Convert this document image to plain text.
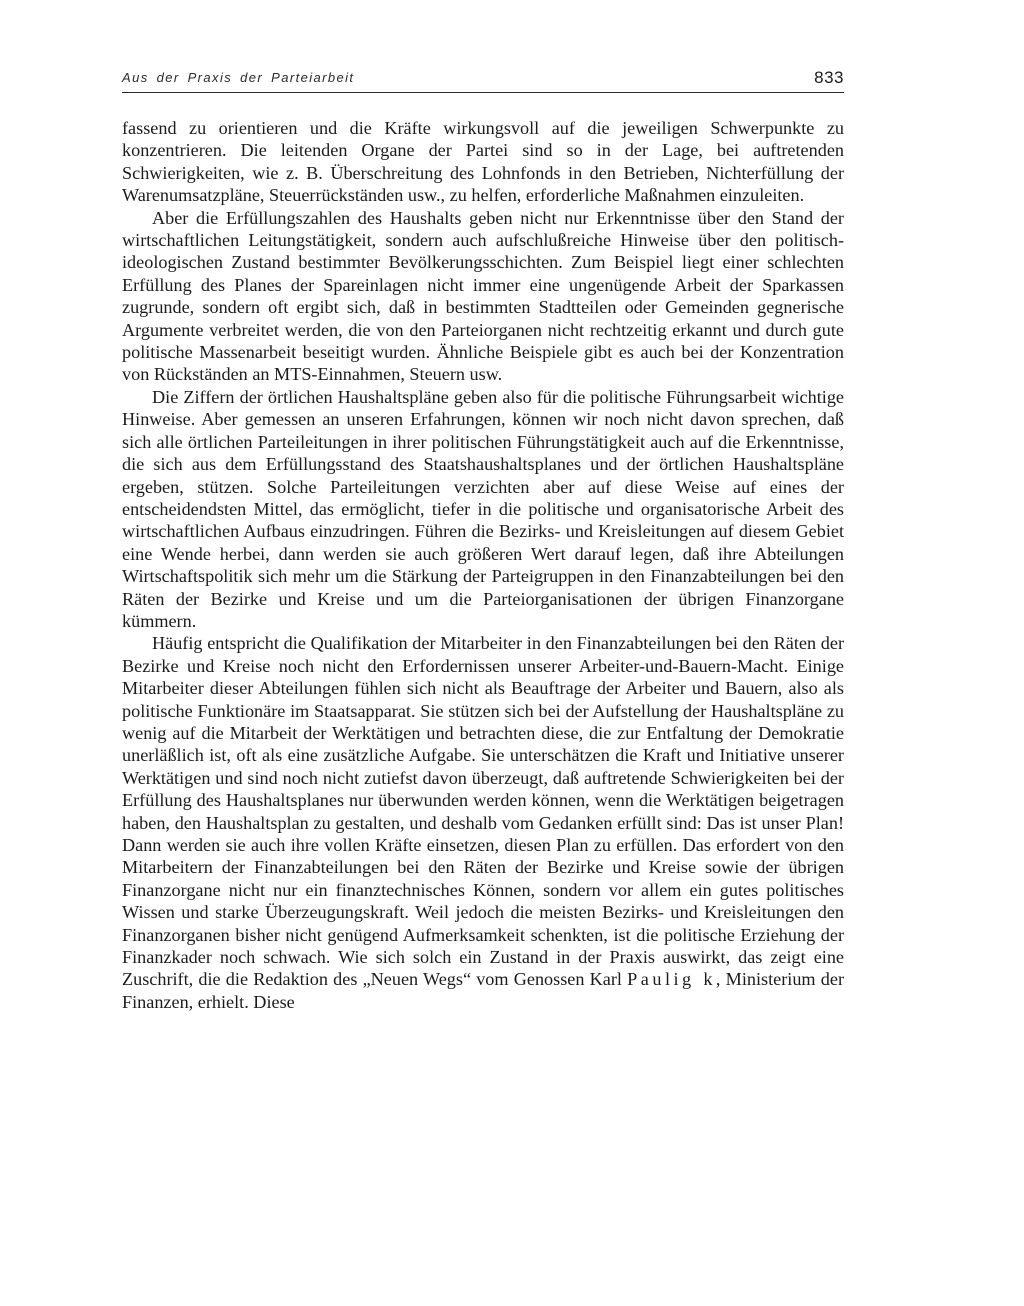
Aus der Praxis der Parteiarbeit	833

fassend zu orientieren und die Kräfte wirkungsvoll auf die jeweiligen Schwerpunkte zu konzentrieren. Die leitenden Organe der Partei sind so in der Lage, bei auftretenden Schwierigkeiten, wie z. B. Überschreitung des Lohnfonds in den Betrieben, Nichterfüllung der Warenumsatzpläne, Steuerrückständen usw., zu helfen, erforderliche Maßnahmen einzuleiten.

Aber die Erfüllungszahlen des Haushalts geben nicht nur Erkenntnisse über den Stand der wirtschaftlichen Leitungstätigkeit, sondern auch aufschlußreiche Hinweise über den politisch-ideologischen Zustand bestimmter Bevölkerungsschichten. Zum Beispiel liegt einer schlechten Erfüllung des Planes der Spareinlagen nicht immer eine ungenügende Arbeit der Sparkassen zugrunde, sondern oft ergibt sich, daß in bestimmten Stadtteilen oder Gemeinden gegnerische Argumente verbreitet werden, die von den Parteiorganen nicht rechtzeitig erkannt und durch gute politische Massenarbeit beseitigt wurden. Ähnliche Beispiele gibt es auch bei der Konzentration von Rückständen an MTS-Einnahmen, Steuern usw.

Die Ziffern der örtlichen Haushaltspläne geben also für die politische Führungsarbeit wichtige Hinweise. Aber gemessen an unseren Erfahrungen, können wir noch nicht davon sprechen, daß sich alle örtlichen Parteileitungen in ihrer politischen Führungstätigkeit auch auf die Erkenntnisse, die sich aus dem Erfüllungsstand des Staatshaushaltsplanes und der örtlichen Haushaltspläne ergeben, stützen. Solche Parteileitungen verzichten aber auf diese Weise auf eines der entscheidendsten Mittel, das ermöglicht, tiefer in die politische und organisatorische Arbeit des wirtschaftlichen Aufbaus einzudringen. Führen die Bezirks- und Kreisleitungen auf diesem Gebiet eine Wende herbei, dann werden sie auch größeren Wert darauf legen, daß ihre Abteilungen Wirtschaftspolitik sich mehr um die Stärkung der Parteigruppen in den Finanzabteilungen bei den Räten der Bezirke und Kreise und um die Parteiorganisationen der übrigen Finanzorgane kümmern.

Häufig entspricht die Qualifikation der Mitarbeiter in den Finanzabteilungen bei den Räten der Bezirke und Kreise noch nicht den Erfordernissen unserer Arbeiter-und-Bauern-Macht. Einige Mitarbeiter dieser Abteilungen fühlen sich nicht als Beauftrage der Arbeiter und Bauern, also als politische Funktionäre im Staatsapparat. Sie stützen sich bei der Aufstellung der Haushaltspläne zu wenig auf die Mitarbeit der Werktätigen und betrachten diese, die zur Entfaltung der Demokratie unerläßlich ist, oft als eine zusätzliche Aufgabe. Sie unterschätzen die Kraft und Initiative unserer Werktätigen und sind noch nicht zutiefst davon überzeugt, daß auftretende Schwierigkeiten bei der Erfüllung des Haushaltsplanes nur überwunden werden können, wenn die Werktätigen beigetragen haben, den Haushaltsplan zu gestalten, und deshalb vom Gedanken erfüllt sind: Das ist unser Plan! Dann werden sie auch ihre vollen Kräfte einsetzen, diesen Plan zu erfüllen. Das erfordert von den Mitarbeitern der Finanzabteilungen bei den Räten der Bezirke und Kreise sowie der übrigen Finanzorgane nicht nur ein finanztechnisches Können, sondern vor allem ein gutes politisches Wissen und starke Überzeugungskraft. Weil jedoch die meisten Bezirks- und Kreisleitungen den Finanzorganen bisher nicht genügend Aufmerksamkeit schenkten, ist die politische Erziehung der Finanzkader noch schwach. Wie sich solch ein Zustand in der Praxis auswirkt, das zeigt eine Zuschrift, die die Redaktion des „Neuen Wegs“ vom Genossen Karl Paulig k, Ministerium der Finanzen, erhielt. Diese
